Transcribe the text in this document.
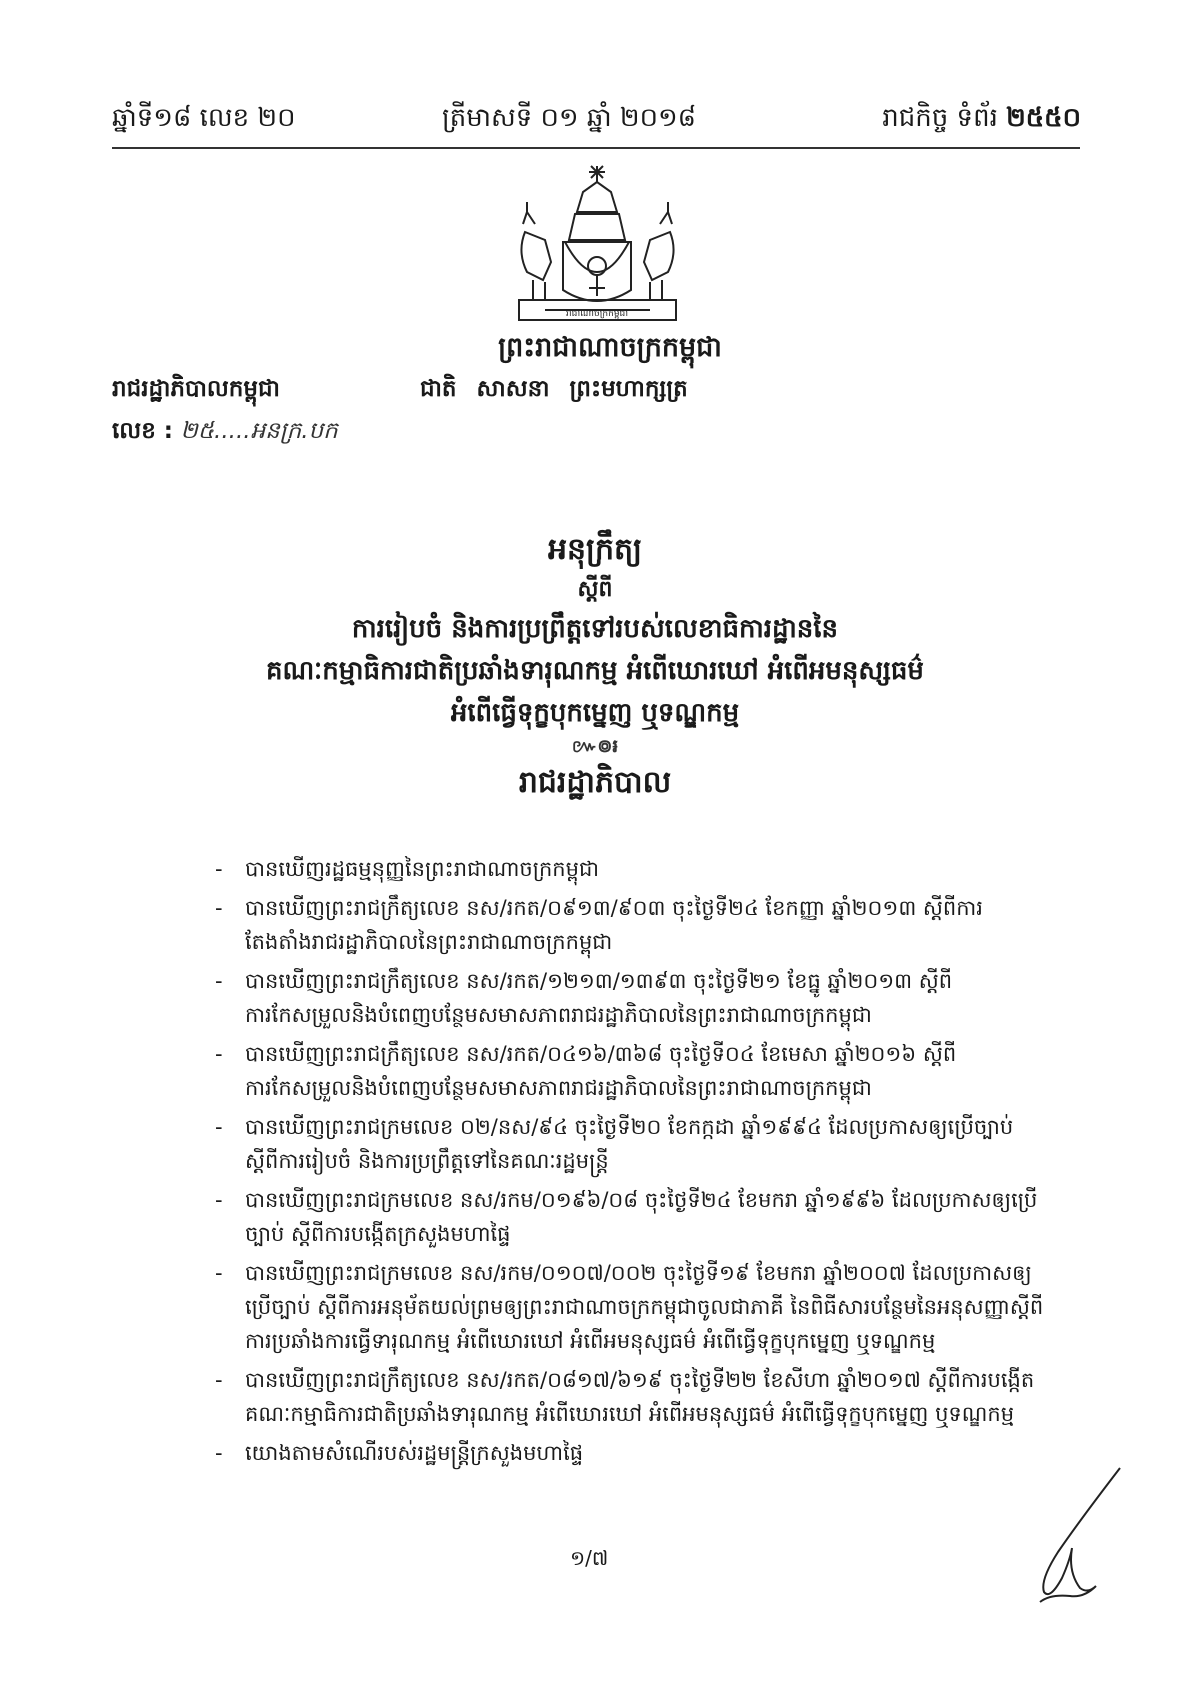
ឆ្នាំទី១៨ លេខ ២០	ត្រីមាសទី ០១ ឆ្នាំ ២០១៨	រាជកិច្ច ទំព័រ ២៥៥០
រាជាណាចក្រកម្ពុជា
ព្រះរាជាណាចក្រកម្ពុជា
រាជរដ្ឋាភិបាលកម្ពុជា	ជាតិ សាសនា ព្រះមហាក្សត្រ
លេខ : ២៥.....អនក្រ.បក
អនុក្រឹត្យ
ស្តីពី
ការរៀបចំ និងការប្រព្រឹត្តទៅរបស់លេខាធិការដ្ឋាននៃ
គណៈកម្មាធិការជាតិប្រឆាំងទារុណកម្ម អំពើឃោរឃៅ អំពើអមនុស្សធម៌
អំពើធ្វើទុក្ខបុកម្នេញ ឬទណ្ឌកម្ម
៚៙៛
រាជរដ្ឋាភិបាល
- បានឃើញរដ្ឋធម្មនុញ្ញនៃព្រះរាជាណាចក្រកម្ពុជា
- បានឃើញព្រះរាជក្រឹត្យលេខ នស/រកត/០៩១៣/៩០៣ ចុះថ្ងៃទី២៤ ខែកញ្ញា ឆ្នាំ២០១៣ ស្តីពីការតែងតាំងរាជរដ្ឋាភិបាលនៃព្រះរាជាណាចក្រកម្ពុជា
- បានឃើញព្រះរាជក្រឹត្យលេខ នស/រកត/១២១៣/១៣៩៣ ចុះថ្ងៃទី២១ ខែធ្នូ ឆ្នាំ២០១៣ ស្តីពីការកែសម្រួលនិងបំពេញបន្ថែមសមាសភាពរាជរដ្ឋាភិបាលនៃព្រះរាជាណាចក្រកម្ពុជា
- បានឃើញព្រះរាជក្រឹត្យលេខ នស/រកត/០៤១៦/៣៦៨ ចុះថ្ងៃទី០៤ ខែមេសា ឆ្នាំ២០១៦ ស្តីពីការកែសម្រួលនិងបំពេញបន្ថែមសមាសភាពរាជរដ្ឋាភិបាលនៃព្រះរាជាណាចក្រកម្ពុជា
- បានឃើញព្រះរាជក្រមលេខ ០២/នស/៩៤ ចុះថ្ងៃទី២០ ខែកក្កដា ឆ្នាំ១៩៩៤ ដែលប្រកាសឲ្យប្រើច្បាប់ ស្តីពីការរៀបចំ និងការប្រព្រឹត្តទៅនៃគណៈរដ្ឋមន្ត្រី
- បានឃើញព្រះរាជក្រមលេខ នស/រកម/០១៩៦/០៨ ចុះថ្ងៃទី២៤ ខែមករា ឆ្នាំ១៩៩៦ ដែលប្រកាសឲ្យប្រើច្បាប់ ស្តីពីការបង្កើតក្រសួងមហាផ្ទៃ
- បានឃើញព្រះរាជក្រមលេខ នស/រកម/០១០៧/០០២ ចុះថ្ងៃទី១៩ ខែមករា ឆ្នាំ២០០៧ ដែលប្រកាសឲ្យប្រើច្បាប់ ស្តីពីការអនុម័តយល់ព្រមឲ្យព្រះរាជាណាចក្រកម្ពុជាចូលជាភាគី នៃពិធីសារបន្ថែមនៃអនុសញ្ញាស្តីពីការប្រឆាំងការធ្វើទារុណកម្ម អំពើឃោរឃៅ អំពើអមនុស្សធម៌ អំពើធ្វើទុក្ខបុកម្នេញ ឬទណ្ឌកម្ម
- បានឃើញព្រះរាជក្រឹត្យលេខ នស/រកត/០៨១៧/៦១៩ ចុះថ្ងៃទី២២ ខែសីហា ឆ្នាំ២០១៧ ស្តីពីការបង្កើតគណៈកម្មាធិការជាតិប្រឆាំងទារុណកម្ម អំពើឃោរឃៅ អំពើអមនុស្សធម៌ អំពើធ្វើទុក្ខបុកម្នេញ ឬទណ្ឌកម្ម
- យោងតាមសំណើរបស់រដ្ឋមន្ត្រីក្រសួងមហាផ្ទៃ
១/៧
